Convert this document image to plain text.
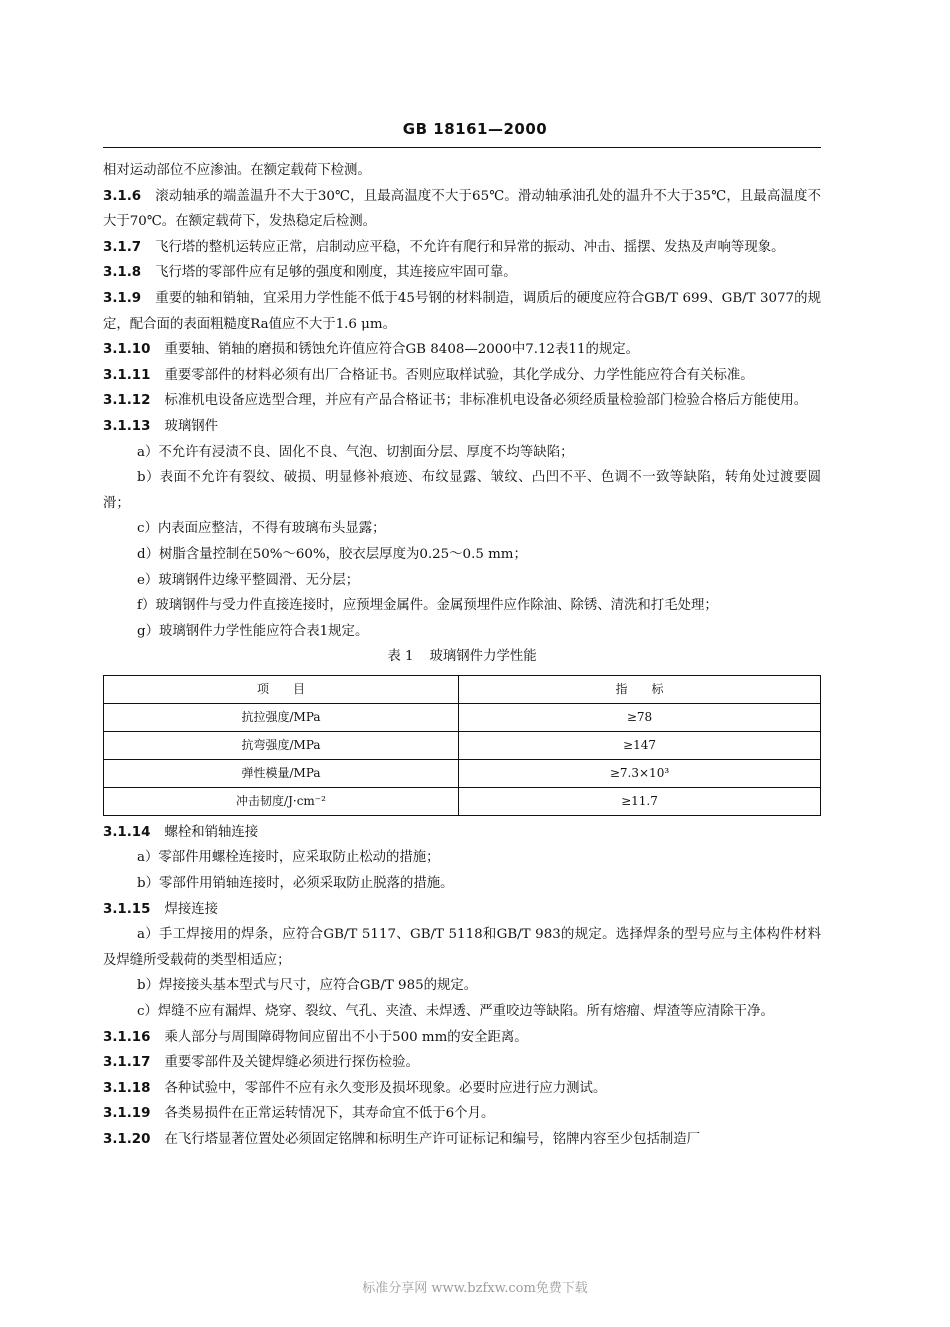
GB 18161—2000

相对运动部位不应渗油。在额定载荷下检测。

3.1.6 滚动轴承的端盖温升不大于30℃，且最高温度不大于65℃。滑动轴承油孔处的温升不大于35℃，且最高温度不大于70℃。在额定载荷下，发热稳定后检测。

3.1.7 飞行塔的整机运转应正常，启制动应平稳，不允许有爬行和异常的振动、冲击、摇摆、发热及声响等现象。

3.1.8 飞行塔的零部件应有足够的强度和刚度，其连接应牢固可靠。

3.1.9 重要的轴和销轴，宜采用力学性能不低于45号钢的材料制造，调质后的硬度应符合GB/T 699、GB/T 3077的规定，配合面的表面粗糙度Ra值应不大于1.6 μm。

3.1.10 重要轴、销轴的磨损和锈蚀允许值应符合GB 8408—2000中7.12表11的规定。

3.1.11 重要零部件的材料必须有出厂合格证书。否则应取样试验，其化学成分、力学性能应符合有关标准。

3.1.12 标准机电设备应选型合理，并应有产品合格证书；非标准机电设备必须经质量检验部门检验合格后方能使用。

3.1.13 玻璃钢件

a）不允许有浸渍不良、固化不良、气泡、切割面分层、厚度不均等缺陷；

b）表面不允许有裂纹、破损、明显修补痕迹、布纹显露、皱纹、凸凹不平、色调不一致等缺陷，转角处过渡要圆滑；

c）内表面应整洁，不得有玻璃布头显露；

d）树脂含量控制在50%～60%，胶衣层厚度为0.25～0.5 mm；

e）玻璃钢件边缘平整圆滑、无分层；

f）玻璃钢件与受力件直接连接时，应预埋金属件。金属预埋件应作除油、除锈、清洗和打毛处理；

g）玻璃钢件力学性能应符合表1规定。

表 1 玻璃钢件力学性能

项　　目	指　　标
抗拉强度/MPa	≥78
抗弯强度/MPa	≥147
弹性模量/MPa	≥7.3×10³
冲击韧度/J·cm⁻²	≥11.7

3.1.14 螺栓和销轴连接

a）零部件用螺栓连接时，应采取防止松动的措施；

b）零部件用销轴连接时，必须采取防止脱落的措施。

3.1.15 焊接连接

a）手工焊接用的焊条，应符合GB/T 5117、GB/T 5118和GB/T 983的规定。选择焊条的型号应与主体构件材料及焊缝所受载荷的类型相适应；

b）焊接接头基本型式与尺寸，应符合GB/T 985的规定。

c）焊缝不应有漏焊、烧穿、裂纹、气孔、夹渣、未焊透、严重咬边等缺陷。所有熔瘤、焊渣等应清除干净。

3.1.16 乘人部分与周围障碍物间应留出不小于500 mm的安全距离。

3.1.17 重要零部件及关键焊缝必须进行探伤检验。

3.1.18 各种试验中，零部件不应有永久变形及损坏现象。必要时应进行应力测试。

3.1.19 各类易损件在正常运转情况下，其寿命宜不低于6个月。

3.1.20 在飞行塔显著位置处必须固定铭牌和标明生产许可证标记和编号，铭牌内容至少包括制造厂

标准分享网 www.bzfxw.com免费下载
